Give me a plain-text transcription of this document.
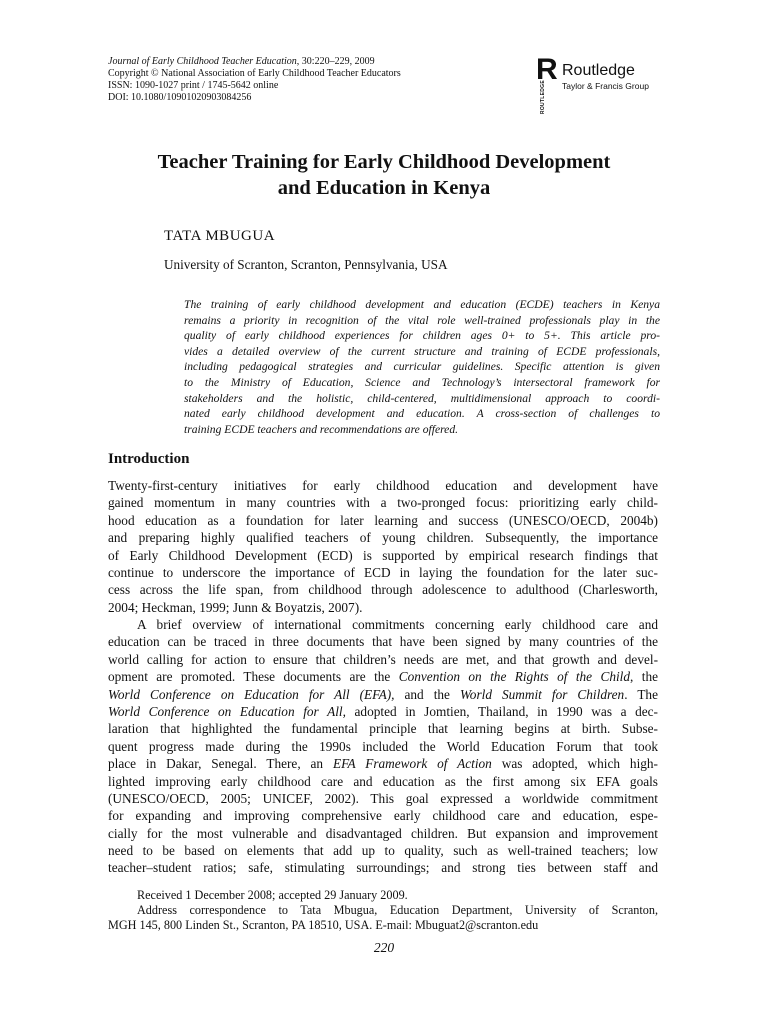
Journal of Early Childhood Teacher Education, 30:220–229, 2009
Copyright © National Association of Early Childhood Teacher Educators
ISSN: 1090-1027 print / 1745-5642 online
DOI: 10.1080/10901020903084256
R
ROUTLEDGE
Routledge
Taylor & Francis Group
Teacher Training for Early Childhood Development
and Education in Kenya
TATA MBUGUA
University of Scranton, Scranton, Pennsylvania, USA
The training of early childhood development and education (ECDE) teachers in Kenya
remains a priority in recognition of the vital role well-trained professionals play in the
quality of early childhood experiences for children ages 0+ to 5+. This article pro-
vides a detailed overview of the current structure and training of ECDE professionals,
including pedagogical strategies and curricular guidelines. Specific attention is given
to the Ministry of Education, Science and Technology’s intersectoral framework for
stakeholders and the holistic, child-centered, multidimensional approach to coordi-
nated early childhood development and education. A cross-section of challenges to
training ECDE teachers and recommendations are offered.
Introduction
Twenty-first-century initiatives for early childhood education and development have
gained momentum in many countries with a two-pronged focus: prioritizing early child-
hood education as a foundation for later learning and success (UNESCO/OECD, 2004b)
and preparing highly qualified teachers of young children. Subsequently, the importance
of Early Childhood Development (ECD) is supported by empirical research findings that
continue to underscore the importance of ECD in laying the foundation for the later suc-
cess across the life span, from childhood through adolescence to adulthood (Charlesworth,
2004; Heckman, 1999; Junn & Boyatzis, 2007).
A brief overview of international commitments concerning early childhood care and
education can be traced in three documents that have been signed by many countries of the
world calling for action to ensure that children’s needs are met, and that growth and devel-
opment are promoted. These documents are the Convention on the Rights of the Child, the
World Conference on Education for All (EFA), and the World Summit for Children. The
World Conference on Education for All, adopted in Jomtien, Thailand, in 1990 was a dec-
laration that highlighted the fundamental principle that learning begins at birth. Subse-
quent progress made during the 1990s included the World Education Forum that took
place in Dakar, Senegal. There, an EFA Framework of Action was adopted, which high-
lighted improving early childhood care and education as the first among six EFA goals
(UNESCO/OECD, 2005; UNICEF, 2002). This goal expressed a worldwide commitment
for expanding and improving comprehensive early childhood care and education, espe-
cially for the most vulnerable and disadvantaged children. But expansion and improvement
need to be based on elements that add up to quality, such as well-trained teachers; low
teacher–student ratios; safe, stimulating surroundings; and strong ties between staff and
Received 1 December 2008; accepted 29 January 2009.
Address correspondence to Tata Mbugua, Education Department, University of Scranton,
MGH 145, 800 Linden St., Scranton, PA 18510, USA. E-mail: Mbuguat2@scranton.edu
220
